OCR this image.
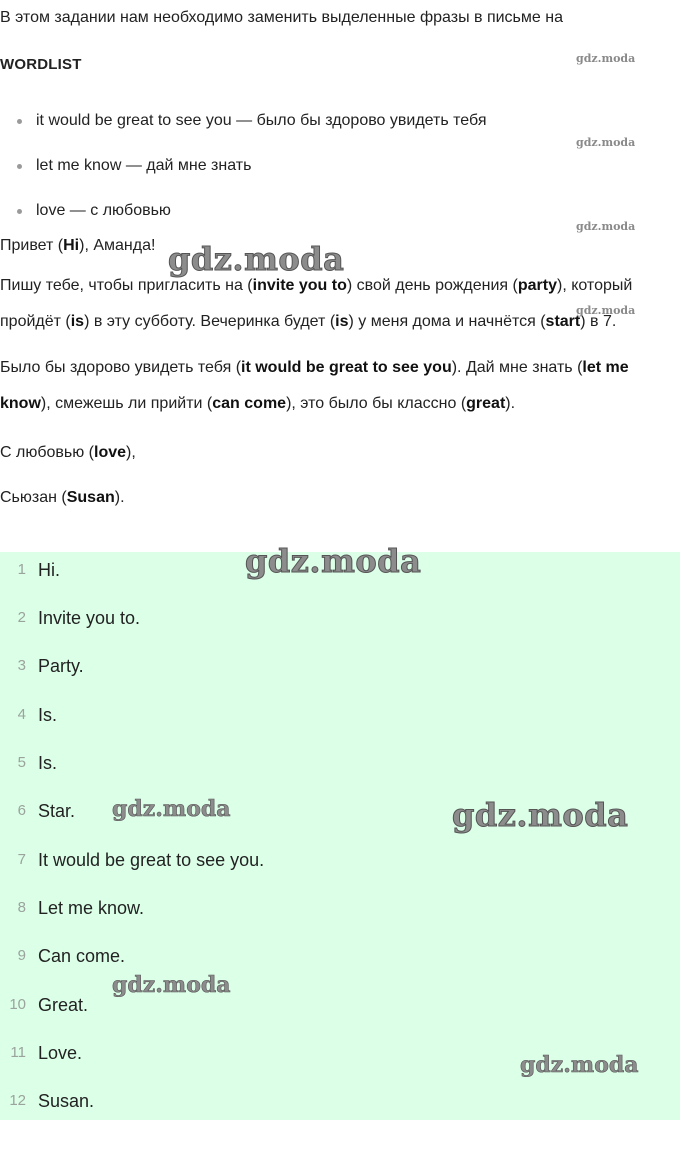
В этом задании нам необходимо заменить выделенные фразы в письме на
WORDLIST
it would be great to see you — было бы здорово увидеть тебя
let me know — дай мне знать
love — с любовью

Привет (Hi), Аманда!

Пишу тебе, чтобы пригласить на (invite you to) свой день рождения (party), который пройдёт (is) в эту субботу. Вечеринка будет (is) у меня дома и начнётся (start) в 7.

Было бы здорово увидеть тебя (it would be great to see you). Дай мне знать (let me know), смежешь ли прийти (can come), это было бы классно (great).

С любовью (love),

Сьюзан (Susan).

1 Hi.
2 Invite you to.
3 Party.
4 Is.
5 Is.
6 Star.
7 It would be great to see you.
8 Let me know.
9 Can come.
10 Great.
11 Love.
12 Susan.
gdz.moda
gdz.moda
gdz.moda
gdz.moda
gdz.moda
gdz.moda
gdz.moda	gdz.moda
gdz.moda
gdz.moda
